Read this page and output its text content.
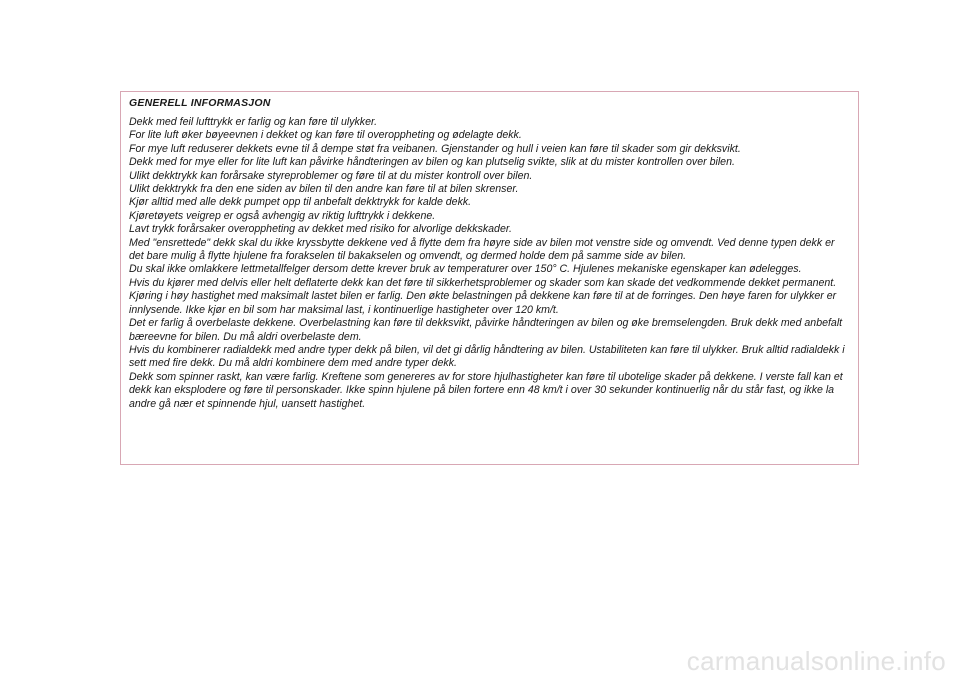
GENERELL INFORMASJON

Dekk med feil lufttrykk er farlig og kan føre til ulykker.

For lite luft øker bøyeevnen i dekket og kan føre til overoppheting og ødelagte dekk.

For mye luft reduserer dekkets evne til å dempe støt fra veibanen. Gjenstander og hull i veien kan føre til skader som gir dekksvikt.

Dekk med for mye eller for lite luft kan påvirke håndteringen av bilen og kan plutselig svikte, slik at du mister kontrollen over bilen.

Ulikt dekktrykk kan forårsake styreproblemer og føre til at du mister kontroll over bilen.

Ulikt dekktrykk fra den ene siden av bilen til den andre kan føre til at bilen skrenser.

Kjør alltid med alle dekk pumpet opp til anbefalt dekktrykk for kalde dekk.

Kjøretøyets veigrep er også avhengig av riktig lufttrykk i dekkene.

Lavt trykk forårsaker overoppheting av dekket med risiko for alvorlige dekkskader.

Med "ensrettede" dekk skal du ikke kryssbytte dekkene ved å flytte dem fra høyre side av bilen mot venstre side og omvendt. Ved denne typen dekk er det bare mulig å flytte hjulene fra forakselen til bakakselen og omvendt, og dermed holde dem på samme side av bilen.

Du skal ikke omlakkere lettmetallfelger dersom dette krever bruk av temperaturer over 150° C. Hjulenes mekaniske egenskaper kan ødelegges.

Hvis du kjører med delvis eller helt deflaterte dekk kan det føre til sikkerhetsproblemer og skader som kan skade det vedkommende dekket permanent.

Kjøring i høy hastighet med maksimalt lastet bilen er farlig. Den økte belastningen på dekkene kan føre til at de forringes. Den høye faren for ulykker er innlysende. Ikke kjør en bil som har maksimal last, i kontinuerlige hastigheter over 120 km/t.

Det er farlig å overbelaste dekkene. Overbelastning kan føre til dekksvikt, påvirke håndteringen av bilen og øke bremselengden. Bruk dekk med anbefalt bæreevne for bilen. Du må aldri overbelaste dem.

Hvis du kombinerer radialdekk med andre typer dekk på bilen, vil det gi dårlig håndtering av bilen. Ustabiliteten kan føre til ulykker. Bruk alltid radialdekk i sett med fire dekk. Du må aldri kombinere dem med andre typer dekk.

Dekk som spinner raskt, kan være farlig. Kreftene som genereres av for store hjulhastigheter kan føre til ubotelige skader på dekkene. I verste fall kan et dekk kan eksplodere og føre til personskader. Ikke spinn hjulene på bilen fortere enn 48 km/t i over 30 sekunder kontinuerlig når du står fast, og ikke la andre gå nær et spinnende hjul, uansett hastighet.

carmanualsonline.info
